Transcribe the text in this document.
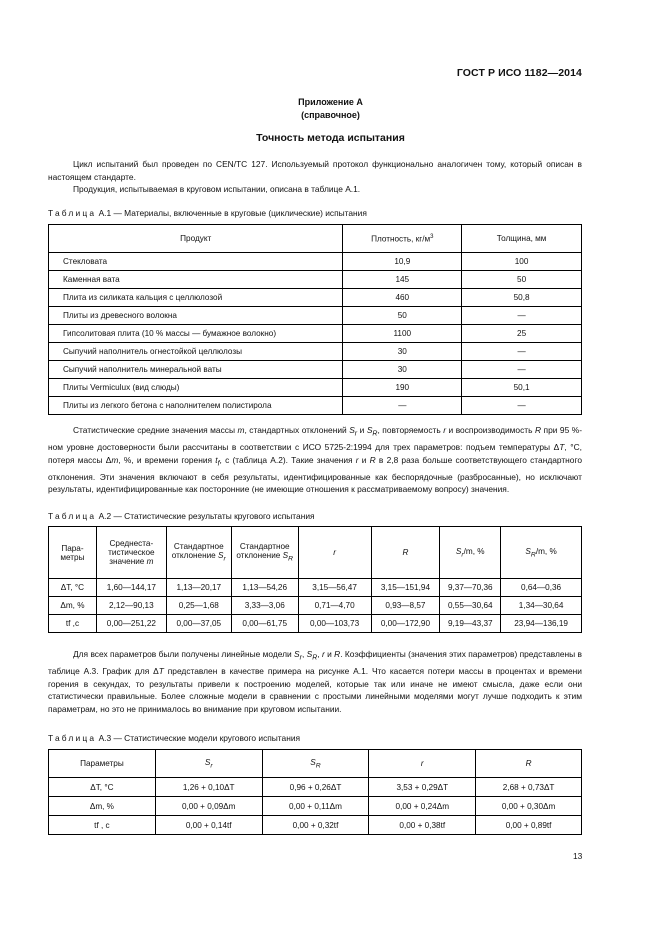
ГОСТ Р ИСО 1182—2014
Приложение А
(справочное)
Точность метода испытания

Цикл испытаний был проведен по CEN/TC 127. Используемый протокол функционально аналогичен тому, который описан в настоящем стандарте.

Продукция, испытываемая в круговом испытании, описана в таблице А.1.

Таблица А.1 — Материалы, включенные в круговые (циклические) испытания
Продукт	Плотность, $кг/м^3$	Толщина, мм
Стекловата	10,9	100
Каменная вата	145	50
Плита из силиката кальция с целлюлозой	460	50,8
Плиты из древесного волокна	50	—
Гипсолитовая плита (10 % массы — бумажное волокно)	1100	25
Сыпучий наполнитель огнестойкой целлюлозы	30	—
Сыпучий наполнитель минеральной ваты	30	—
Плиты Vermiculux (вид слюды)	190	50,1
Плиты из легкого бетона с наполнителем полистирола	—	—

Статистические средние значения массы m, стандартных отклонений $S_r$ и $S_R$, повторяемость r и воспроизводимость R при 95 %-ном уровне достоверности были рассчитаны в соответствии с ИСО 5725-2:1994 для трех параметров: подъем температуры ΔT, °С, потеря массы Δm, %, и времени горения $t_f$, с (таблица А.2). Такие значения r и R в 2,8 раза больше соответствующего стандартного отклонения. Эти значения включают в себя результаты, идентифицированные как беспорядочные (разбросанные), но исключают результаты, идентифицированные как посторонние (не имеющие отношения к рассматриваемому вопросу) значения.

Таблица А.2 — Статистические результаты кругового испытания
Пара-метры	Среднестатистическое значение m	Стандартное отклонение $S_r$	Стандартное отклонение $S_R$	r	R	$S_r/m$, %	$S_R/m$, %
ΔT, °C	1,60—144,17	1,13—20,17	1,13—54,26	3,15—56,47	3,15—151,94	9,37—70,36	0,64—0,36
Δm, %	2,12—90,13	0,25—1,68	3,33—3,06	0,71—4,70	0,93—8,57	0,55—30,64	1,34—30,64
tf ,c	0,00—251,22	0,00—37,05	0,00—61,75	0,00—103,73	0,00—172,90	9,19—43,37	23,94—136,19

Для всех параметров были получены линейные модели $S_r$, $S_R$, r и R. Коэффициенты (значения этих параметров) представлены в таблице А.3. График для ΔT представлен в качестве примера на рисунке А.1. Что касается потери массы в процентах и времени горения в секундах, то результаты привели к построению моделей, которые так или иначе не имеют смысла, даже если они статистически правильные. Более сложные модели в сравнении с простыми линейными моделями могут лучше подходить к этим параметрам, но это не принималось во внимание при круговом испытании.

Таблица А.3 — Статистические модели кругового испытания
Параметры	$S_r$	$S_R$	r	R
ΔT, °C	1,26 + 0,10ΔT	0,96 + 0,26ΔT	3,53 + 0,29ΔT	2,68 + 0,73ΔT
Δm, %	0,00 + 0,09Δm	0,00 + 0,11Δm	0,00 + 0,24Δm	0,00 + 0,30Δm
tf , c	0,00 + 0,14tf	0,00 + 0,32tf	0,00 + 0,38tf	0,00 + 0,89tf
13
